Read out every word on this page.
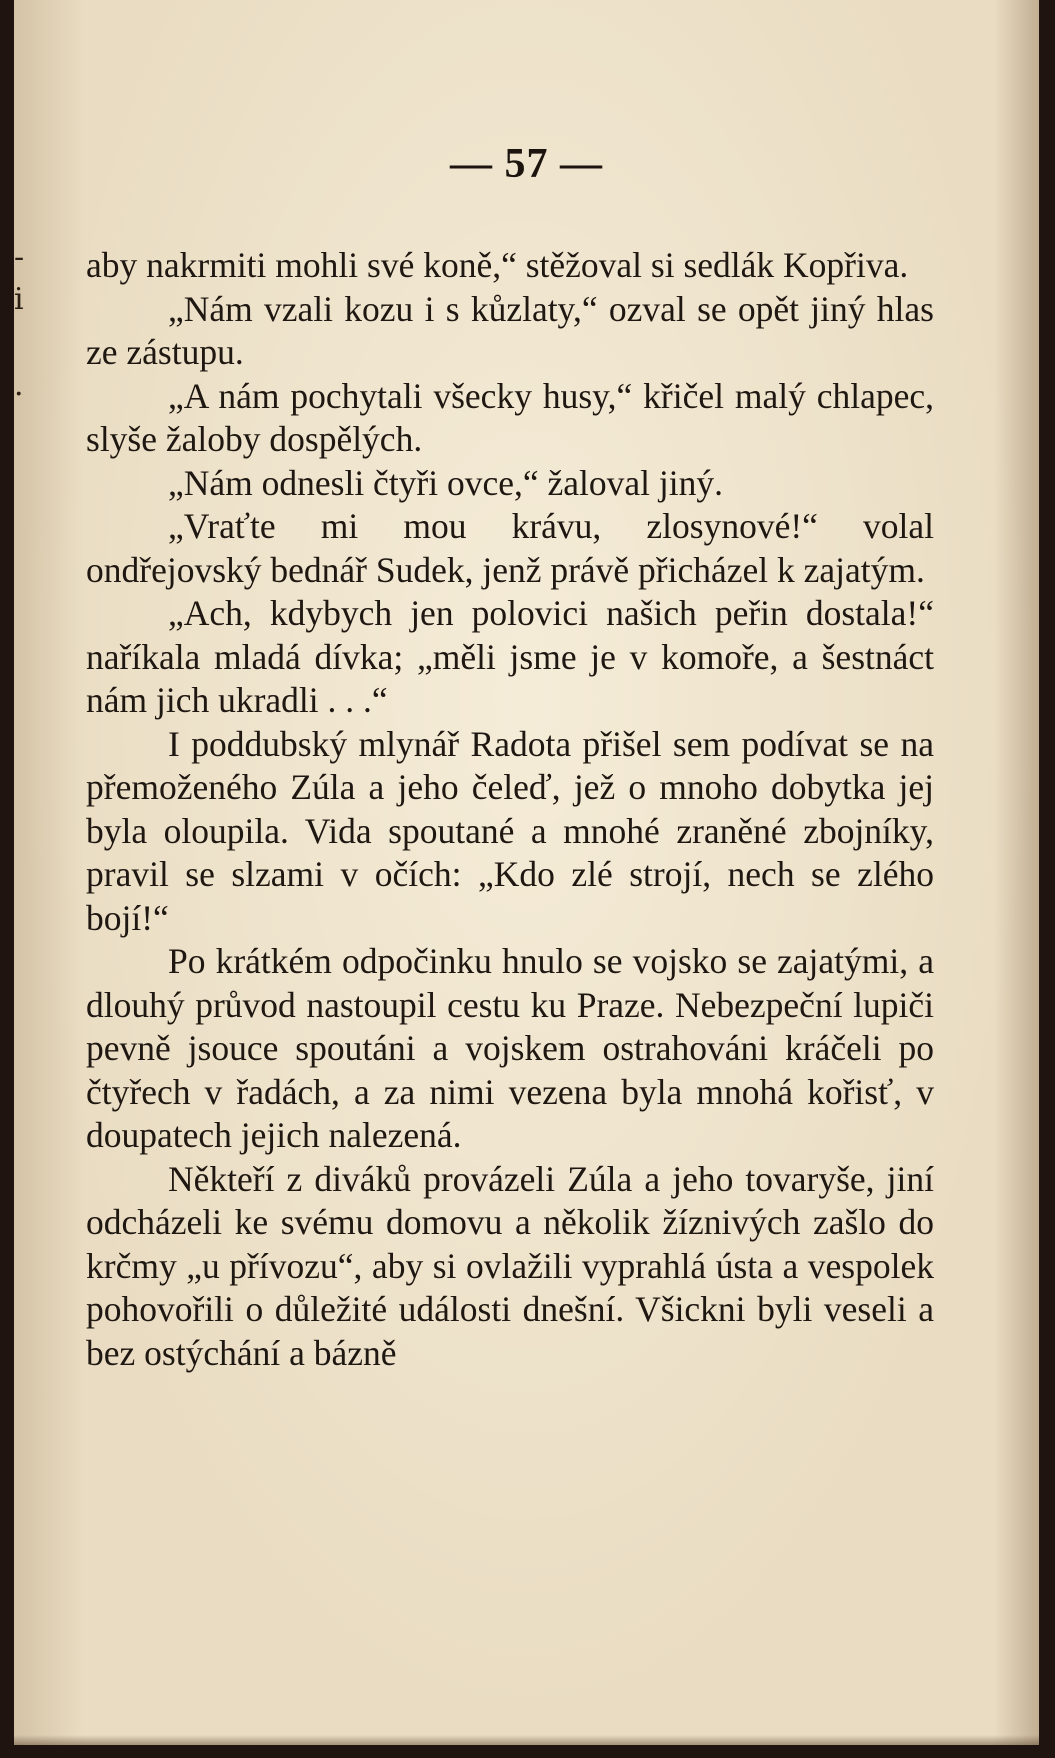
-
i
.
— 57 —

aby nakrmiti mohli své koně,“ stěžoval si sedlák Kopřiva.

„Nám vzali kozu i s kůzlaty,“ ozval se opět jiný hlas ze zástupu.

„A nám pochytali všecky husy,“ křičel malý chlapec, slyše žaloby dospělých.

„Nám odnesli čtyři ovce,“ žaloval jiný.

„Vraťte mi mou krávu, zlosynové!“ volal ondřejovský bednář Sudek, jenž právě přicházel k zajatým.

„Ach, kdybych jen polovici našich peřin dostala!“ naříkala mladá dívka; „měli jsme je v komoře, a šestnáct nám jich ukradli . . .“

I poddubský mlynář Radota přišel sem podívat se na přemoženého Zúla a jeho čeleď, jež o mnoho dobytka jej byla oloupila. Vida spoutané a mnohé zraněné zbojníky, pravil se slzami v očích: „Kdo zlé strojí, nech se zlého bojí!“

Po krátkém odpočinku hnulo se vojsko se zajatými, a dlouhý průvod nastoupil cestu ku Praze. Nebezpeční lupiči pevně jsouce spoutáni a vojskem ostrahováni kráčeli po čtyřech v řadách, a za nimi vezena byla mnohá kořisť, v doupatech jejich nalezená.

Někteří z diváků provázeli Zúla a jeho tovaryše, jiní odcházeli ke svému domovu a několik žíznivých zašlo do krčmy „u přívozu“, aby si ovlažili vyprahlá ústa a vespolek pohovořili o důležité události dnešní. Všickni byli veseli a bez ostýchání a bázně
